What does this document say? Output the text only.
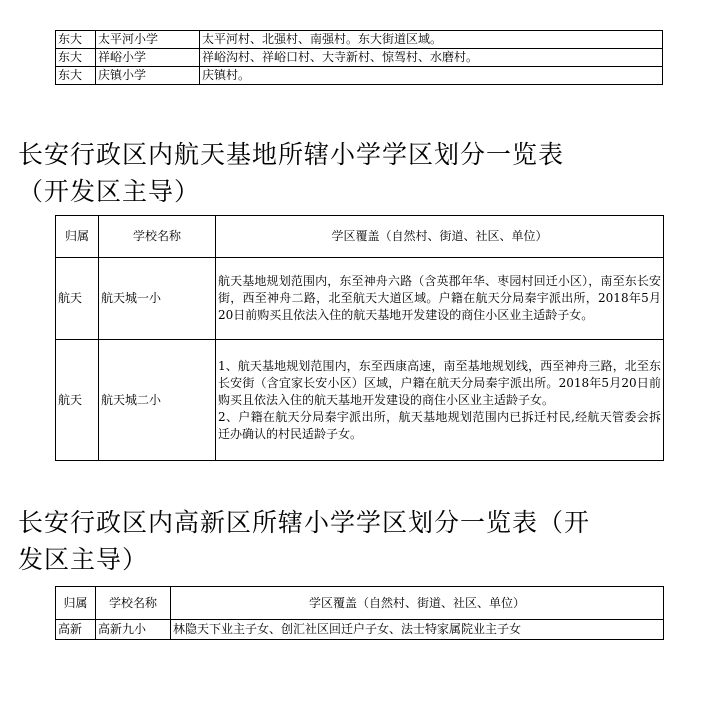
东大	太平河小学	太平河村、北强村、南强村。东大街道区域。
东大	祥峪小学	祥峪沟村、祥峪口村、大寺新村、惊驾村、水磨村。
东大	庆镇小学	庆镇村。
长安行政区内航天基地所辖小学学区划分一览表
（开发区主导）
归属	学校名称	学区覆盖（自然村、街道、社区、单位）
航天	航天城一小	航天基地规划范围内，东至神舟六路（含英郡年华、枣园村回迁小区），南至东长安街，西至神舟二路，北至航天大道区域。户籍在航天分局秦宇派出所，2018年5月20日前购买且依法入住的航天基地开发建设的商住小区业主适龄子女。

航天	航天城二小	1、航天基地规划范围内，东至西康高速，南至基地规划线，西至神舟三路，北至东长安街（含宜家长安小区）区域，户籍在航天分局秦宇派出所。2018年5月20日前购买且依法入住的航天基地开发建设的商住小区业主适龄子女。
2、户籍在航天分局秦宇派出所，航天基地规划范围内已拆迁村民,经航天管委会拆迁办确认的村民适龄子女。
长安行政区内高新区所辖小学学区划分一览表（开
发区主导）
归属	学校名称	学区覆盖（自然村、街道、社区、单位）
高新	高新九小	林隐天下业主子女、创汇社区回迁户子女、法士特家属院业主子女
